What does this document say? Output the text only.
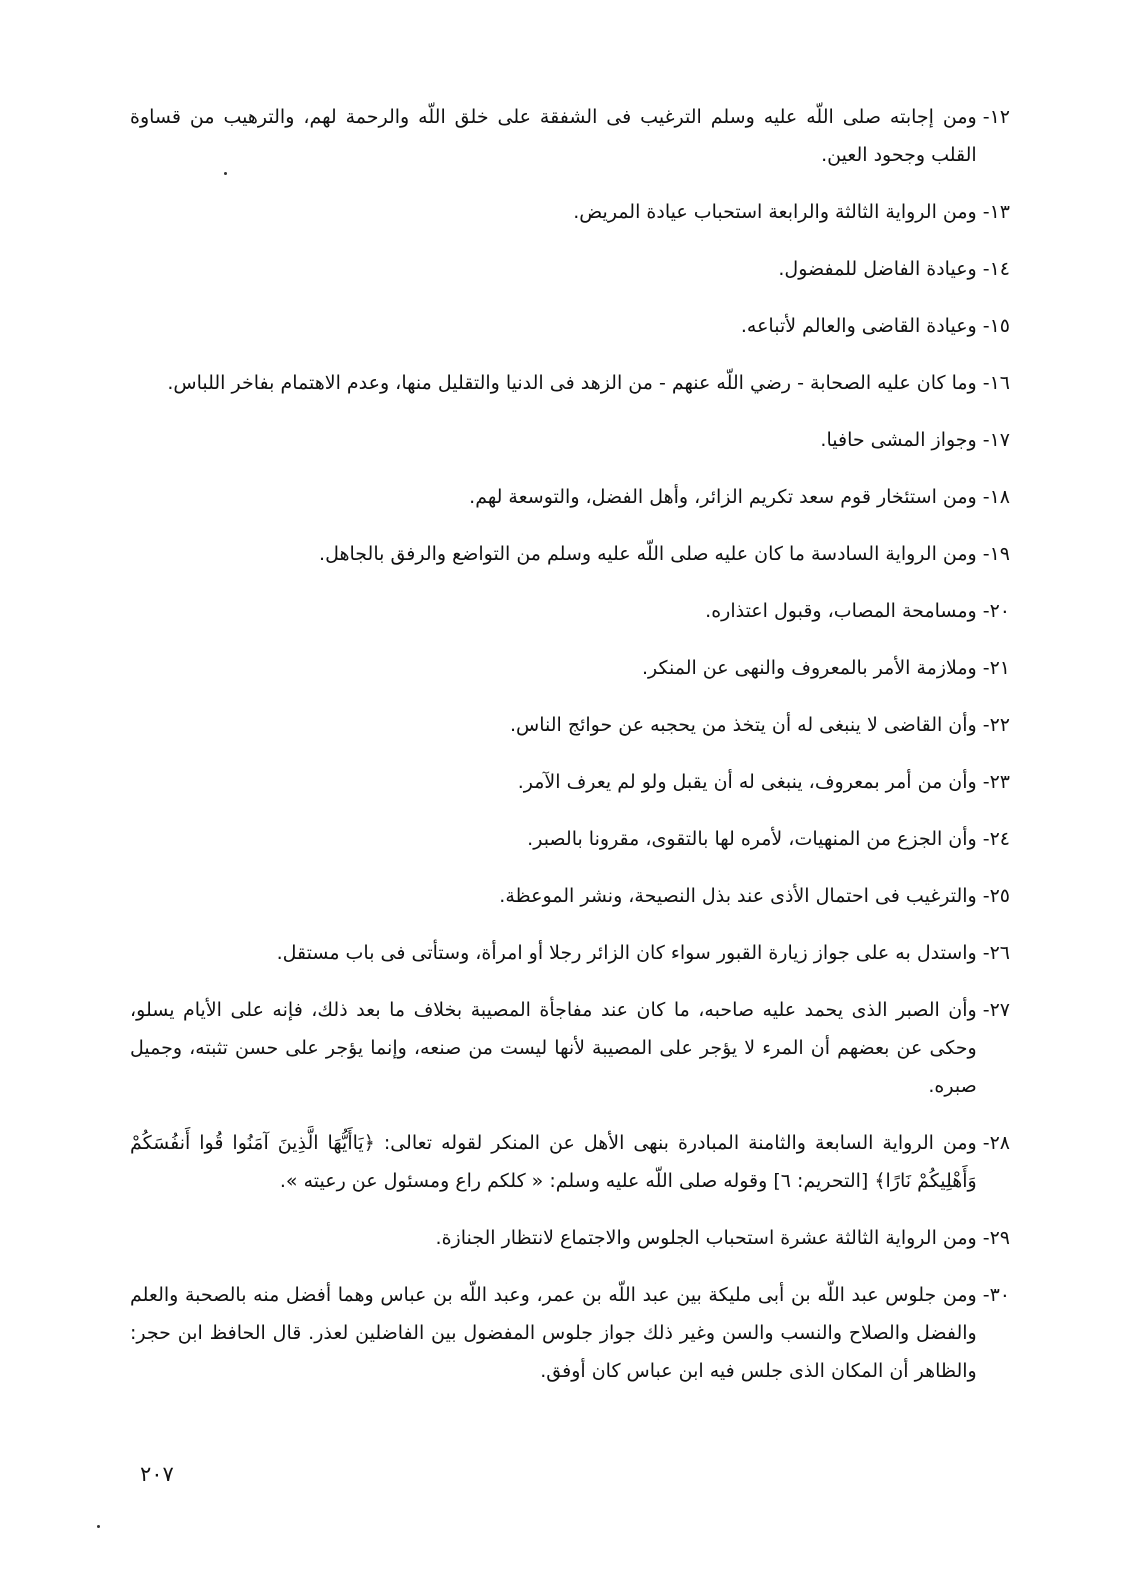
١٢-
ومن إجابته صلى اللّه عليه وسلم الترغيب فى الشفقة على خلق اللّه والرحمة لهم، والترهيب من قساوة القلب وجحود العين.
١٣-
ومن الرواية الثالثة والرابعة استحباب عيادة المريض.
١٤-
وعيادة الفاضل للمفضول.
١٥-
وعيادة القاضى والعالم لأتباعه.
١٦-
وما كان عليه الصحابة - رضي اللّه عنهم - من الزهد فى الدنيا والتقليل منها، وعدم الاهتمام بفاخر اللباس.
١٧-
وجواز المشى حافيا.
١٨-
ومن استئخار قوم سعد تكريم الزائر، وأهل الفضل، والتوسعة لهم.
١٩-
ومن الرواية السادسة ما كان عليه صلى اللّه عليه وسلم من التواضع والرفق بالجاهل.
٢٠-
ومسامحة المصاب، وقبول اعتذاره.
٢١-
وملازمة الأمر بالمعروف والنهى عن المنكر.
٢٢-
وأن القاضى لا ينبغى له أن يتخذ من يحجبه عن حوائج الناس.
٢٣-
وأن من أمر بمعروف، ينبغى له أن يقبل ولو لم يعرف الآمر.
٢٤-
وأن الجزع من المنهيات، لأمره لها بالتقوى، مقرونا بالصبر.
٢٥-
والترغيب فى احتمال الأذى عند بذل النصيحة، ونشر الموعظة.
٢٦-
واستدل به على جواز زيارة القبور سواء كان الزائر رجلا أو امرأة، وستأتى فى باب مستقل.
٢٧-
وأن الصبر الذى يحمد عليه صاحبه، ما كان عند مفاجأة المصيبة بخلاف ما بعد ذلك، فإنه على الأيام يسلو، وحكى عن بعضهم أن المرء لا يؤجر على المصيبة لأنها ليست من صنعه، وإنما يؤجر على حسن تثبته، وجميل صبره.
٢٨-
ومن الرواية السابعة والثامنة المبادرة بنهى الأهل عن المنكر لقوله تعالى: ﴿يَاأَيُّهَا الَّذِينَ آمَنُوا قُوا أَنفُسَكُمْ وَأَهْلِيكُمْ نَارًا﴾ [التحريم: ٦] وقوله صلى اللّه عليه وسلم: « كلكم راع ومسئول عن رعيته ».
٢٩-
ومن الرواية الثالثة عشرة استحباب الجلوس والاجتماع لانتظار الجنازة.
٣٠-
ومن جلوس عبد اللّه بن أبى مليكة بين عبد اللّه بن عمر، وعبد اللّه بن عباس وهما أفضل منه بالصحبة والعلم والفضل والصلاح والنسب والسن وغير ذلك جواز جلوس المفضول بين الفاضلين لعذر. قال الحافظ ابن حجر: والظاهر أن المكان الذى جلس فيه ابن عباس كان أوفق.
٢٠٧
